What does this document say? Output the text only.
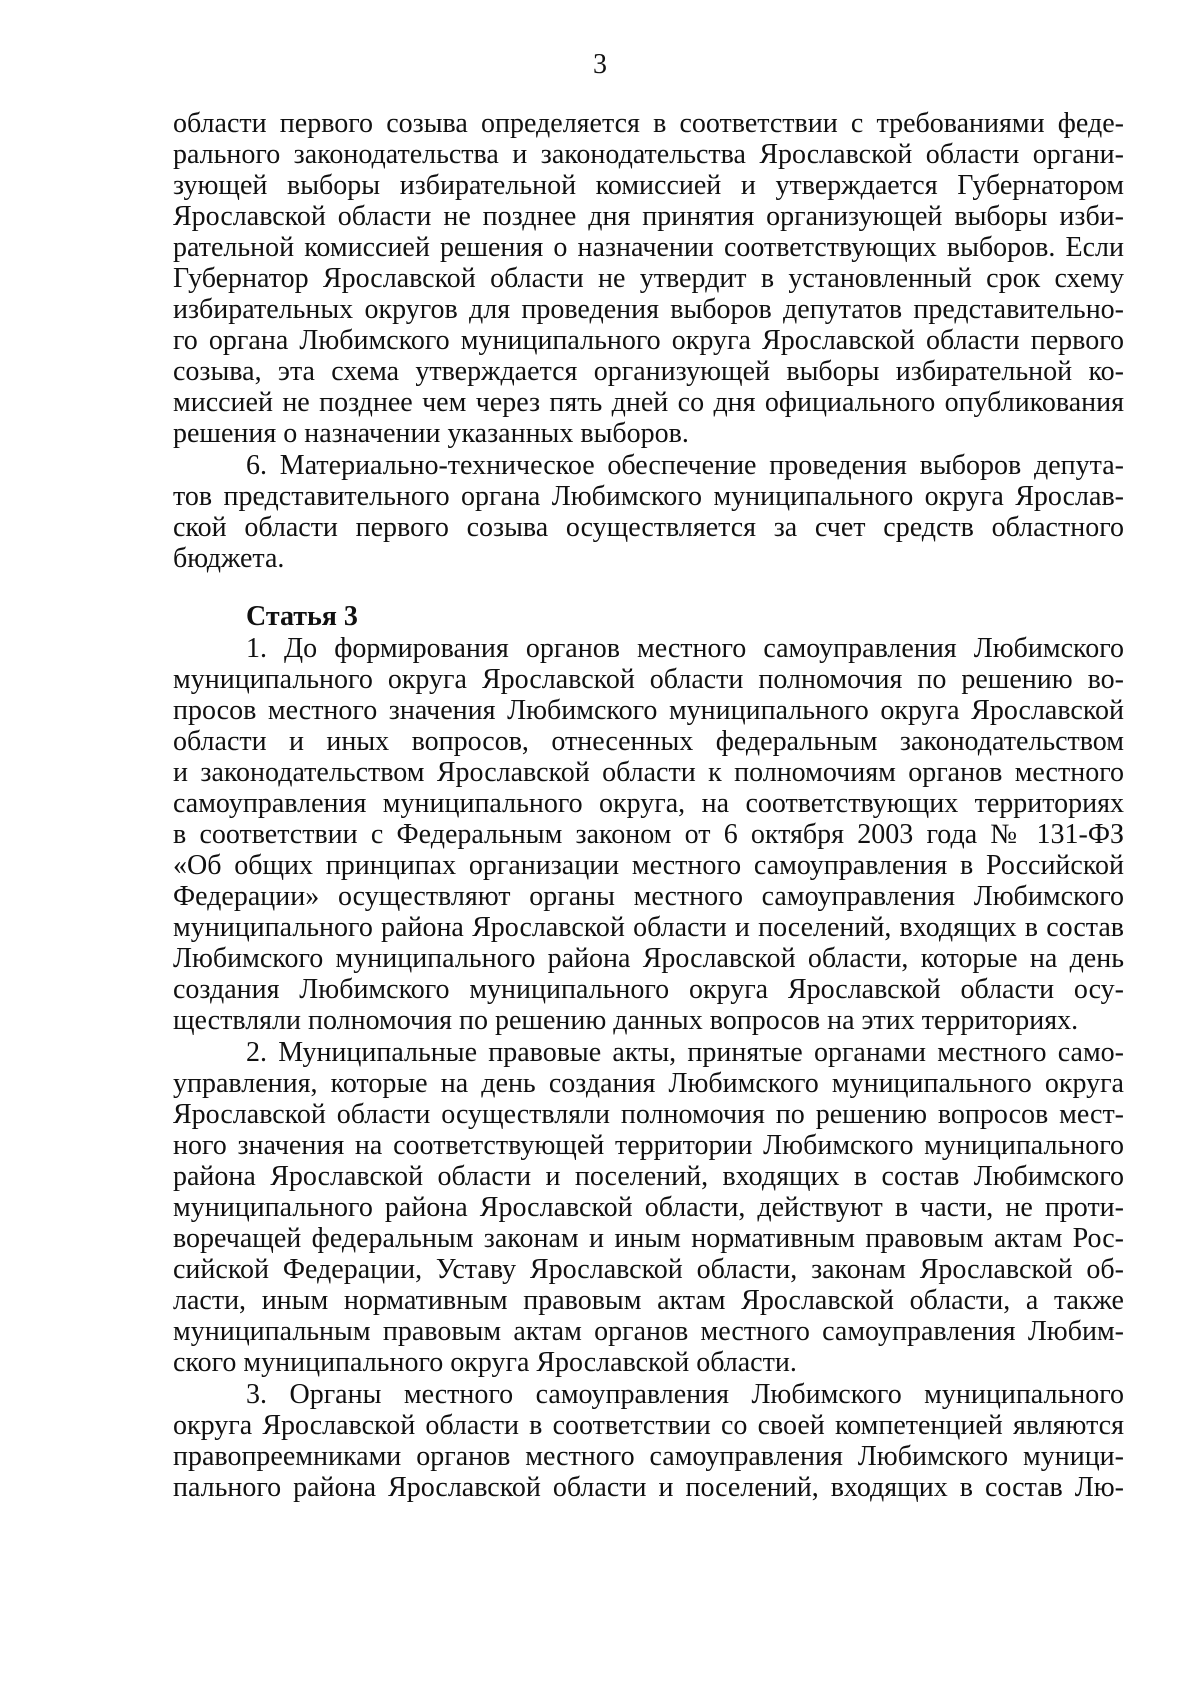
3
области первого созыва определяется в соответствии с требованиями феде-
рального законодательства и законодательства Ярославской области органи-
зующей выборы избирательной комиссией и утверждается Губернатором
Ярославской области не позднее дня принятия организующей выборы изби-
рательной комиссией решения о назначении соответствующих выборов. Если
Губернатор Ярославской области не утвердит в установленный срок схему
избирательных округов для проведения выборов депутатов представительно-
го органа Любимского муниципального округа Ярославской области первого
созыва, эта схема утверждается организующей выборы избирательной ко-
миссией не позднее чем через пять дней со дня официального опубликования
решения о назначении указанных выборов.
6. Материально-техническое обеспечение проведения выборов депута-
тов представительного органа Любимского муниципального округа Ярослав-
ской области первого созыва осуществляется за счет средств областного
бюджета.
Статья 3
1. До формирования органов местного самоуправления Любимского
муниципального округа Ярославской области полномочия по решению во-
просов местного значения Любимского муниципального округа Ярославской
области и иных вопросов, отнесенных федеральным законодательством
и законодательством Ярославской области к полномочиям органов местного
самоуправления муниципального округа, на соответствующих территориях
в соответствии с Федеральным законом от 6 октября 2003 года № 131-ФЗ
«Об общих принципах организации местного самоуправления в Российской
Федерации» осуществляют органы местного самоуправления Любимского
муниципального района Ярославской области и поселений, входящих в состав
Любимского муниципального района Ярославской области, которые на день
создания Любимского муниципального округа Ярославской области осу-
ществляли полномочия по решению данных вопросов на этих территориях.
2. Муниципальные правовые акты, принятые органами местного само-
управления, которые на день создания Любимского муниципального округа
Ярославской области осуществляли полномочия по решению вопросов мест-
ного значения на соответствующей территории Любимского муниципального
района Ярославской области и поселений, входящих в состав Любимского
муниципального района Ярославской области, действуют в части, не проти-
воречащей федеральным законам и иным нормативным правовым актам Рос-
сийской Федерации, Уставу Ярославской области, законам Ярославской об-
ласти, иным нормативным правовым актам Ярославской области, а также
муниципальным правовым актам органов местного самоуправления Любим-
ского муниципального округа Ярославской области.
3. Органы местного самоуправления Любимского муниципального
округа Ярославской области в соответствии со своей компетенцией являются
правопреемниками органов местного самоуправления Любимского муници-
пального района Ярославской области и поселений, входящих в состав Лю-
